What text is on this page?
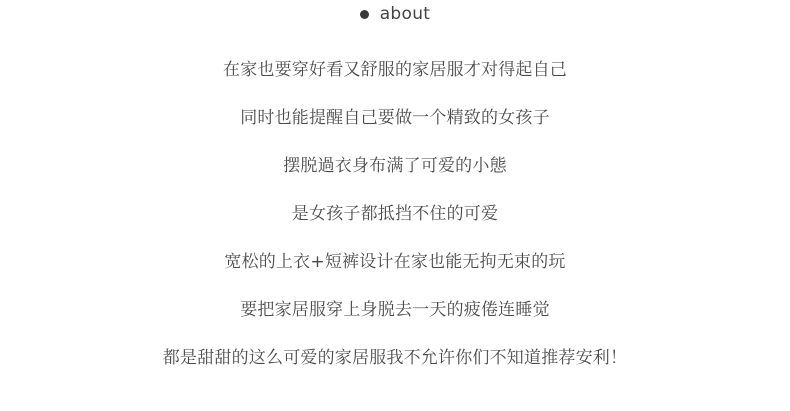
about
在家也要穿好看又舒服的家居服才对得起自己
同时也能提醒自己要做一个精致的女孩子
摆脱過衣身布满了可爱的小態
是女孩子都抵挡不住的可爱
宽松的上衣+短裤设计在家也能无拘无束的玩
要把家居服穿上身脱去一天的疲倦连睡觉
都是甜甜的这么可爱的家居服我不允许你们不知道推荐安利！
